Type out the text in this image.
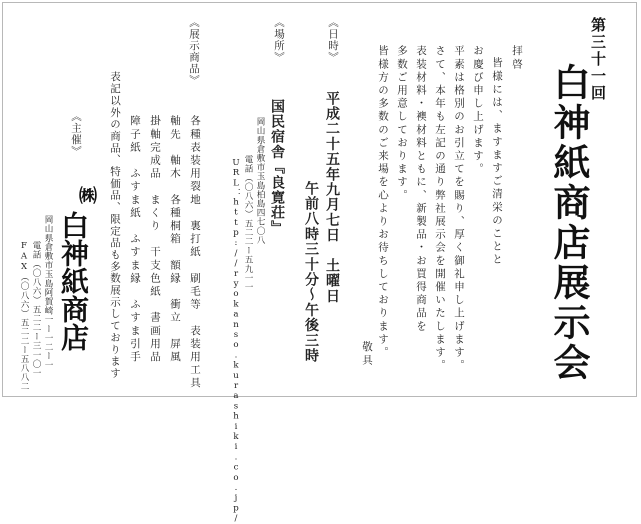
第三十一回
白神紙商店展示会
拝啓
皆様には、ますますご清栄のことと
お慶び申し上げます。
平素は格別のお引立てを賜り、厚く御礼申し上げます。
さて、本年も左記の通り弊社展示会を開催いたします。
表装材料・襖材料ともに、新製品・お買得商品を
多数ご用意しております。
皆様方の多数のご来場を心よりお待ちしております。
敬具
《日時》
平成二十五年九月七日　土曜日
午前八時三十分〜午後三時
《場所》
国民宿舎『良寛荘』
岡山県倉敷市玉島柏島四七〇八
電話（〇八六）五二二ー五九一一
URL：http://ryokanso.kurashiki.co.jp/
《展示商品》
各種表装用裂地　裏打紙　刷毛等　表装用工具
軸先　軸木　各種桐箱　額縁　衝立　屏風
掛軸完成品　まくり　干支色紙　書画用品
障子紙　ふすま紙　ふすま縁　ふすま引手
表記以外の商品、特価品、限定品も多数展示しております
《主催》
㈱
白神紙商店
岡山県倉敷市玉島阿賀崎一ー一二ー一
電話（〇八六）五二二ー三一〇一
FAX（〇八六）五二二ー五八八二
